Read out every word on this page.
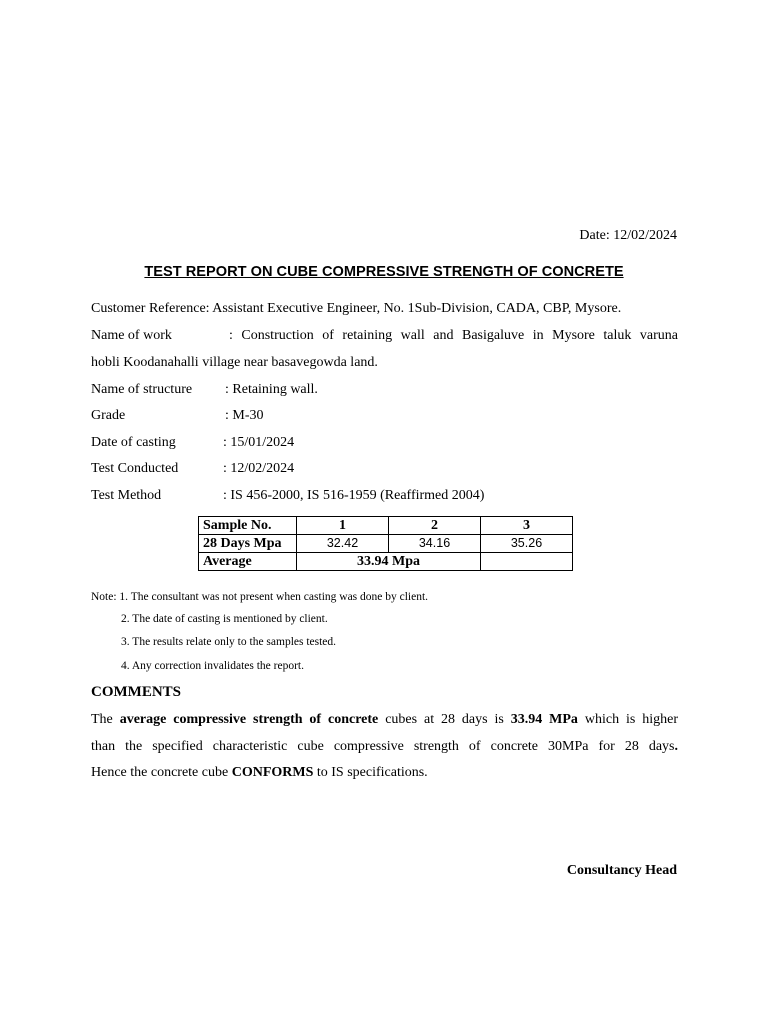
Date: 12/02/2024
TEST REPORT ON CUBE COMPRESSIVE STRENGTH OF CONCRETE
Customer Reference: Assistant Executive Engineer, No. 1Sub-Division, CADA, CBP, Mysore.
Name of work	: Construction of retaining wall and Basigaluve in Mysore taluk varuna
hobli Koodanahalli village near basavegowda land.
Name of structure : Retaining wall.
Grade	: M-30
Date of casting	: 15/01/2024
Test Conducted	: 12/02/2024
Test Method	: IS 456-2000, IS 516-1959 (Reaffirmed 2004)
Sample No.	1	2	3
28 Days Mpa	32.42	34.16	35.26
Average	33.94 Mpa		
Note: 1. The consultant was not present when casting was done by client.
2. The date of casting is mentioned by client.
3. The results relate only to the samples tested.
4. Any correction invalidates the report.
COMMENTS
The average compressive strength of concrete cubes at 28 days is 33.94 MPa which is higher
than the specified characteristic cube compressive strength of concrete 30MPa for 28 days.
Hence the concrete cube CONFORMS to IS specifications.
Consultancy Head
